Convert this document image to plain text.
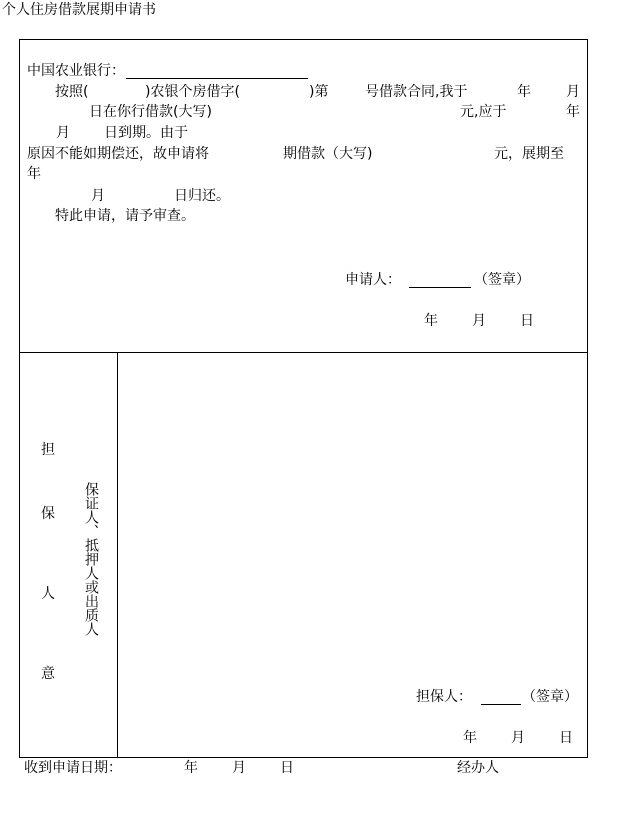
个人住房借款展期申请书
中国农业银行：
按照(	)农银个房借字(	)第	号借款合同,我于	年	月
日在你行借款(大写)	元,应于	年
月 日到期。由于
原因不能如期偿还，故申请将	期借款（大写)	元，展期至
年
月	日归还。
特此申请，请予审查。
申请人：	（签章）
年 月 日
担
保
人
意
保证人、抵押人或出质人
担保人：	（签章）
年 月 日
收到申请日期：	年 月 日	经办人
